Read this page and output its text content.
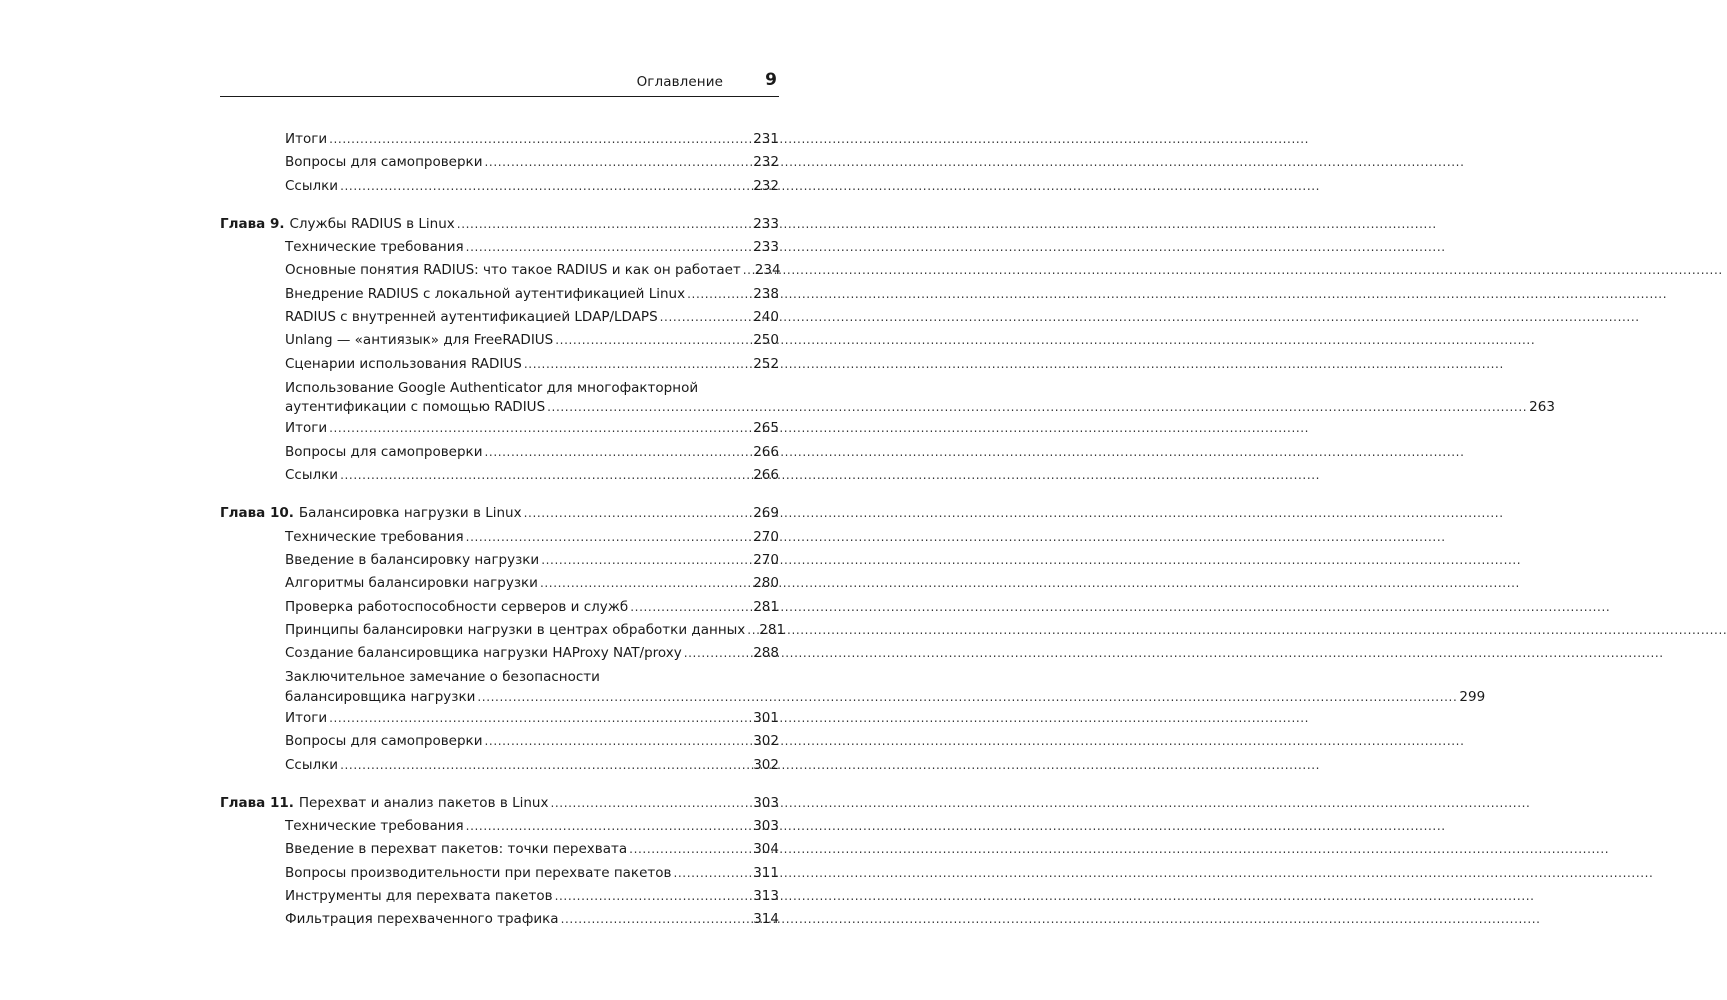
Оглавление 9
Итоги .....	231
Вопросы для самопроверки .....	232
Ссылки .....	232
Глава 9. Службы RADIUS в Linux .....	233
Технические требования .....	233
Основные понятия RADIUS: что такое RADIUS и как он работает ..... 234
Внедрение RADIUS с локальной аутентификацией Linux .....	238
RADIUS с внутренней аутентификацией LDAP/LDAPS .....	240
Unlang — «антиязык» для FreeRADIUS .....	250
Сценарии использования RADIUS .....	252
Использование Google Authenticator для многофакторной
аутентификации с помощью RADIUS .....	263
Итоги .....	265
Вопросы для самопроверки .....	266
Ссылки .....	266
Глава 10. Балансировка нагрузки в Linux .....	269
Технические требования .....	270
Введение в балансировку нагрузки .....	270
Алгоритмы балансировки нагрузки .....	280
Проверка работоспособности серверов и служб .....	281
Принципы балансировки нагрузки в центрах обработки данных ..... 281
Создание балансировщика нагрузки HAProxy NAT/proxy .....	288
Заключительное замечание о безопасности
балансировщика нагрузки .....	299
Итоги .....	301
Вопросы для самопроверки .....	302
Ссылки .....	302
Глава 11. Перехват и анализ пакетов в Linux .....	303
Технические требования .....	303
Введение в перехват пакетов: точки перехвата .....	304
Вопросы производительности при перехвате пакетов .....	311
Инструменты для перехвата пакетов .....	313
Фильтрация перехваченного трафика .....	314
